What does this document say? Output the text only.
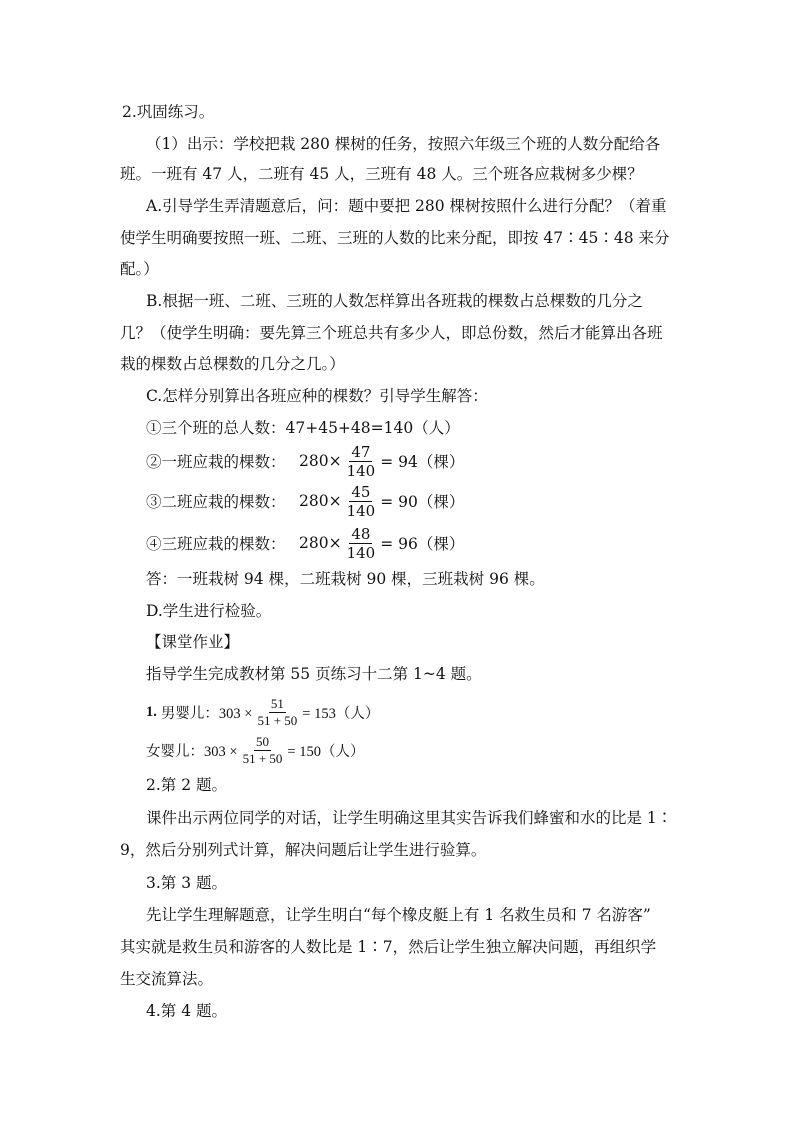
2.巩固练习。
（1）出示：学校把栽 280 棵树的任务，按照六年级三个班的人数分配给各
班。一班有 47 人，二班有 45 人，三班有 48 人。三个班各应栽树多少棵？
A.引导学生弄清题意后，问：题中要把 280 棵树按照什么进行分配？（着重
使学生明确要按照一班、二班、三班的人数的比来分配，即按 47∶45∶48 来分
配。）
B.根据一班、二班、三班的人数怎样算出各班栽的棵数占总棵数的几分之
几？（使学生明确：要先算三个班总共有多少人，即总份数，然后才能算出各班
栽的棵数占总棵数的几分之几。）
C.怎样分别算出各班应种的棵数？引导学生解答：
①三个班的总人数：47+45+48=140（人）
②一班应栽的棵数： $280\times \frac{47}{140} = 94$（棵）
③二班应栽的棵数： $280\times \frac{45}{140} = 90$（棵）
④三班应栽的棵数： $280\times \frac{48}{140} = 96$（棵）
答：一班栽树 94 棵，二班栽树 90 棵，三班栽树 96 棵。
D.学生进行检验。
【课堂作业】
指导学生完成教材第 55 页练习十二第 1~4 题。
1. 男婴儿：$303 \times \frac{51}{51 + 50} = 153$（人）
女婴儿：$303 \times \frac{50}{51 + 50} = 150$（人）
2.第 2 题。
课件出示两位同学的对话，让学生明确这里其实告诉我们蜂蜜和水的比是 1∶
9，然后分别列式计算，解决问题后让学生进行验算。
3.第 3 题。
先让学生理解题意，让学生明白“每个橡皮艇上有 1 名救生员和 7 名游客”
其实就是救生员和游客的人数比是 1∶7，然后让学生独立解决问题，再组织学
生交流算法。
4.第 4 题。
